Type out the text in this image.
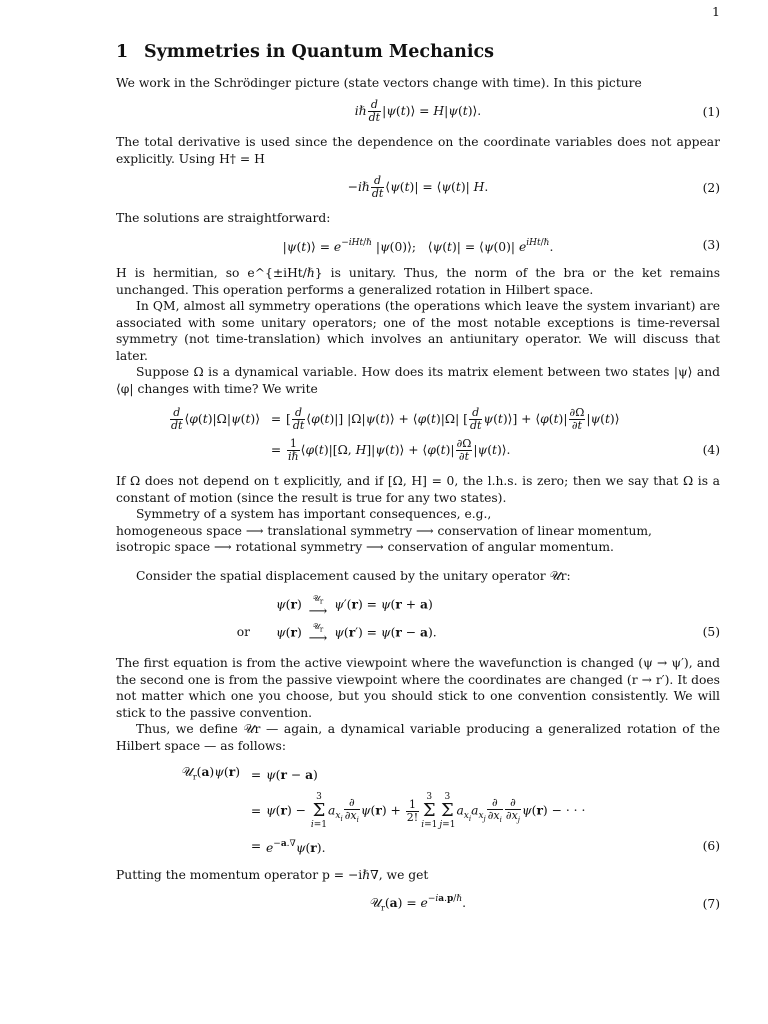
1
1 Symmetries in Quantum Mechanics

We work in the Schrödinger picture (state vectors change with time). In this picture

iℏ $\frac{d}{dt}$ |ψ(t)⟩ = H|ψ(t)⟩.	(1)

The total derivative is used since the dependence on the coordinate variables does not appear explicitly. Using H† = H

−iℏ $\frac{d}{dt}$ ⟨ψ(t)| = ⟨ψ(t)| H.	(2)

The solutions are straightforward:

|ψ(t)⟩ = $e^{-iHt/\hbar}$ |ψ(0)⟩;   ⟨ψ(t)| = ⟨ψ(0)| $e^{iHt/\hbar}$.	(3)

H is hermitian, so e^{±iHt/ℏ} is unitary. Thus, the norm of the bra or the ket remains unchanged. This operation performs a generalized rotation in Hilbert space.

In QM, almost all symmetry operations (the operations which leave the system invariant) are associated with some unitary operators; one of the most notable exceptions is time-reversal symmetry (not time-translation) which involves an antiunitary operator. We will discuss that later.

Suppose Ω is a dynamical variable. How does its matrix element between two states |ψ⟩ and ⟨φ| changes with time? We write

$\frac{d}{dt}$ ⟨φ(t)|Ω|ψ(t)⟩ = [ $\frac{d}{dt}$ ⟨φ(t)|] |Ω|ψ(t)⟩ + ⟨φ(t)|Ω| [ $\frac{d}{dt}$ ψ(t)⟩] + ⟨φ(t)| $\frac{\partial\Omega}{\partial t}$ |ψ(t)⟩
= $\frac{1}{\text{iℏ}}$ ⟨φ(t)|[Ω, H]|ψ(t)⟩ + ⟨φ(t)| $\frac{\partial\Omega}{\partial t}$ |ψ(t)⟩.	(4)

If Ω does not depend on t explicitly, and if [Ω, H] = 0, the l.h.s. is zero; then we say that Ω is a constant of motion (since the result is true for any two states).

Symmetry of a system has important consequences, e.g.,

homogeneous space ⟶ translational symmetry ⟶ conservation of linear momentum,

isotropic space ⟶ rotational symmetry ⟶ conservation of angular momentum.

Consider the spatial displacement caused by the unitary operator 𝒰r:

ψ(r) 𝒰$_r$
⟶ ψ′(r) = ψ(r + a)
or	ψ(r) 𝒰$_r$
⟶ ψ(r′) = ψ(r − a).	(5)

The first equation is from the active viewpoint where the wavefunction is changed (ψ → ψ′), and the second one is from the passive viewpoint where the coordinates are changed (r → r′). It does not matter which one you choose, but you should stick to one convention consistently. We will stick to the passive convention.

Thus, we define 𝒰r — again, a dynamical variable producing a generalized rotation of the Hilbert space — as follows:

𝒰$_r$(a)ψ(r) = ψ(r − a)
= ψ(r) −
3
Σ
i=1
$a_{x_i} \frac{\partial}{\partial x_i} \psi(r) + \frac{1}{2!}$
3
Σ
i=1
3
Σ
j=1
$a_{x_i}a_{x_j} \frac{\partial}{\partial x_i} \frac{\partial}{\partial x_j} \psi(r)$ − · · ·
= $e^{-a.\nabla}\psi(r)$.	(6)

Putting the momentum operator p = −iℏ∇, we get

𝒰$_r$(a) = $e^{-ia.p/\hbar}$.	(7)
